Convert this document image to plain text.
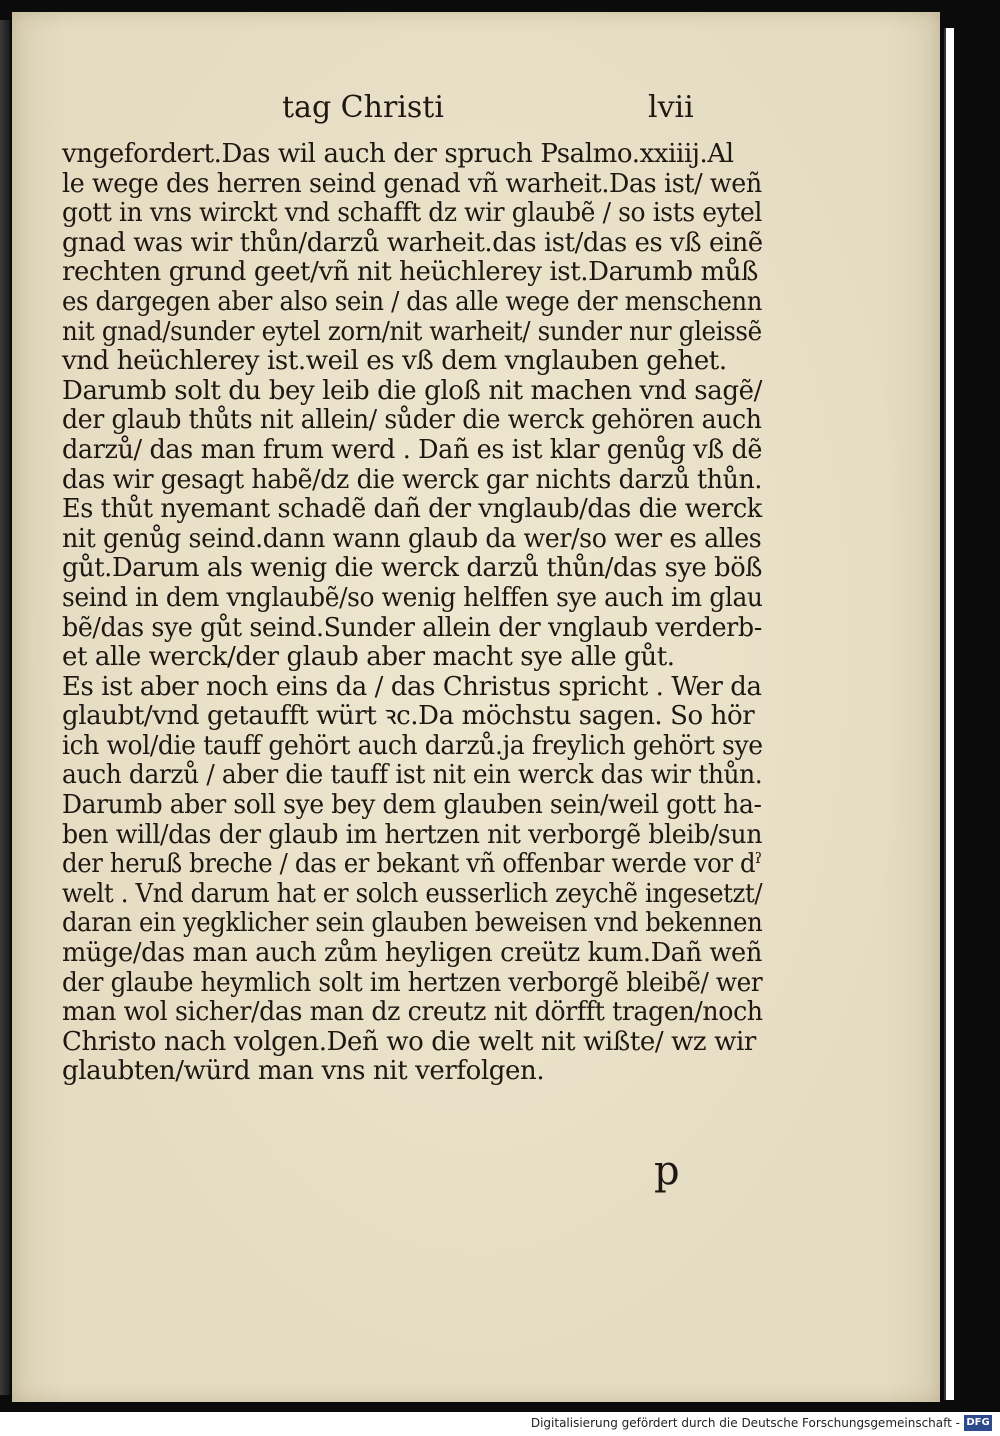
tag Christi	lvii
vngefordert.Das wil auch der spruch Psalmo.xxiiij.Al
le wege des herren seind genad vñ warheit.Das ist/ weñ
gott in vns wirckt vnd schafft dz wir glaubẽ / so ists eytel
gnad was wir thůn/darzů warheit.das ist/das es vß einẽ
rechten grund geet/vñ nit heüchlerey ist.Darumb můß
es dargegen aber also sein / das alle wege der menschenn
nit gnad/sunder eytel zorn/nit warheit/ sunder nur gleissẽ
vnd heüchlerey ist.weil es vß dem vnglauben gehet.
Darumb solt du bey leib die gloß nit machen vnd sagẽ/
der glaub thůts nit allein/ sůder die werck gehören auch
darzů/ das man frum werd . Dañ es ist klar genůg vß dẽ
das wir gesagt habẽ/dz die werck gar nichts darzů thůn.
Es thůt nyemant schadẽ dañ der vnglaub/das die werck
nit genůg seind.dann wann glaub da wer/so wer es alles
gůt.Darum als wenig die werck darzů thůn/das sye böß
seind in dem vnglaubẽ/so wenig helffen sye auch im glau
bẽ/das sye gůt seind.Sunder allein der vnglaub verderb-
et alle werck/der glaub aber macht sye alle gůt.
Es ist aber noch eins da / das Christus spricht . Wer da
glaubt/vnd getaufft würt ꝛc.Da möchstu sagen. So hör
ich wol/die tauff gehört auch darzů.ja freylich gehört sye
auch darzů / aber die tauff ist nit ein werck das wir thůn.
Darumb aber soll sye bey dem glauben sein/weil gott ha-
ben will/das der glaub im hertzen nit verborgẽ bleib/sun
der heruß breche / das er bekant vñ offenbar werde vor dˀ
welt . Vnd darum hat er solch eusserlich zeychẽ ingesetzt/
daran ein yegklicher sein glauben beweisen vnd bekennen
müge/das man auch zům heyligen creütz kum.Dañ weñ
der glaube heymlich solt im hertzen verborgẽ bleibẽ/ wer
man wol sicher/das man dz creutz nit dörfft tragen/noch
Christo nach volgen.Deñ wo die welt nit wißte/ wz wir
glaubten/würd man vns nit verfolgen.
p
Digitalisierung gefördert durch die Deutsche Forschungsgemeinschaft - DFG
